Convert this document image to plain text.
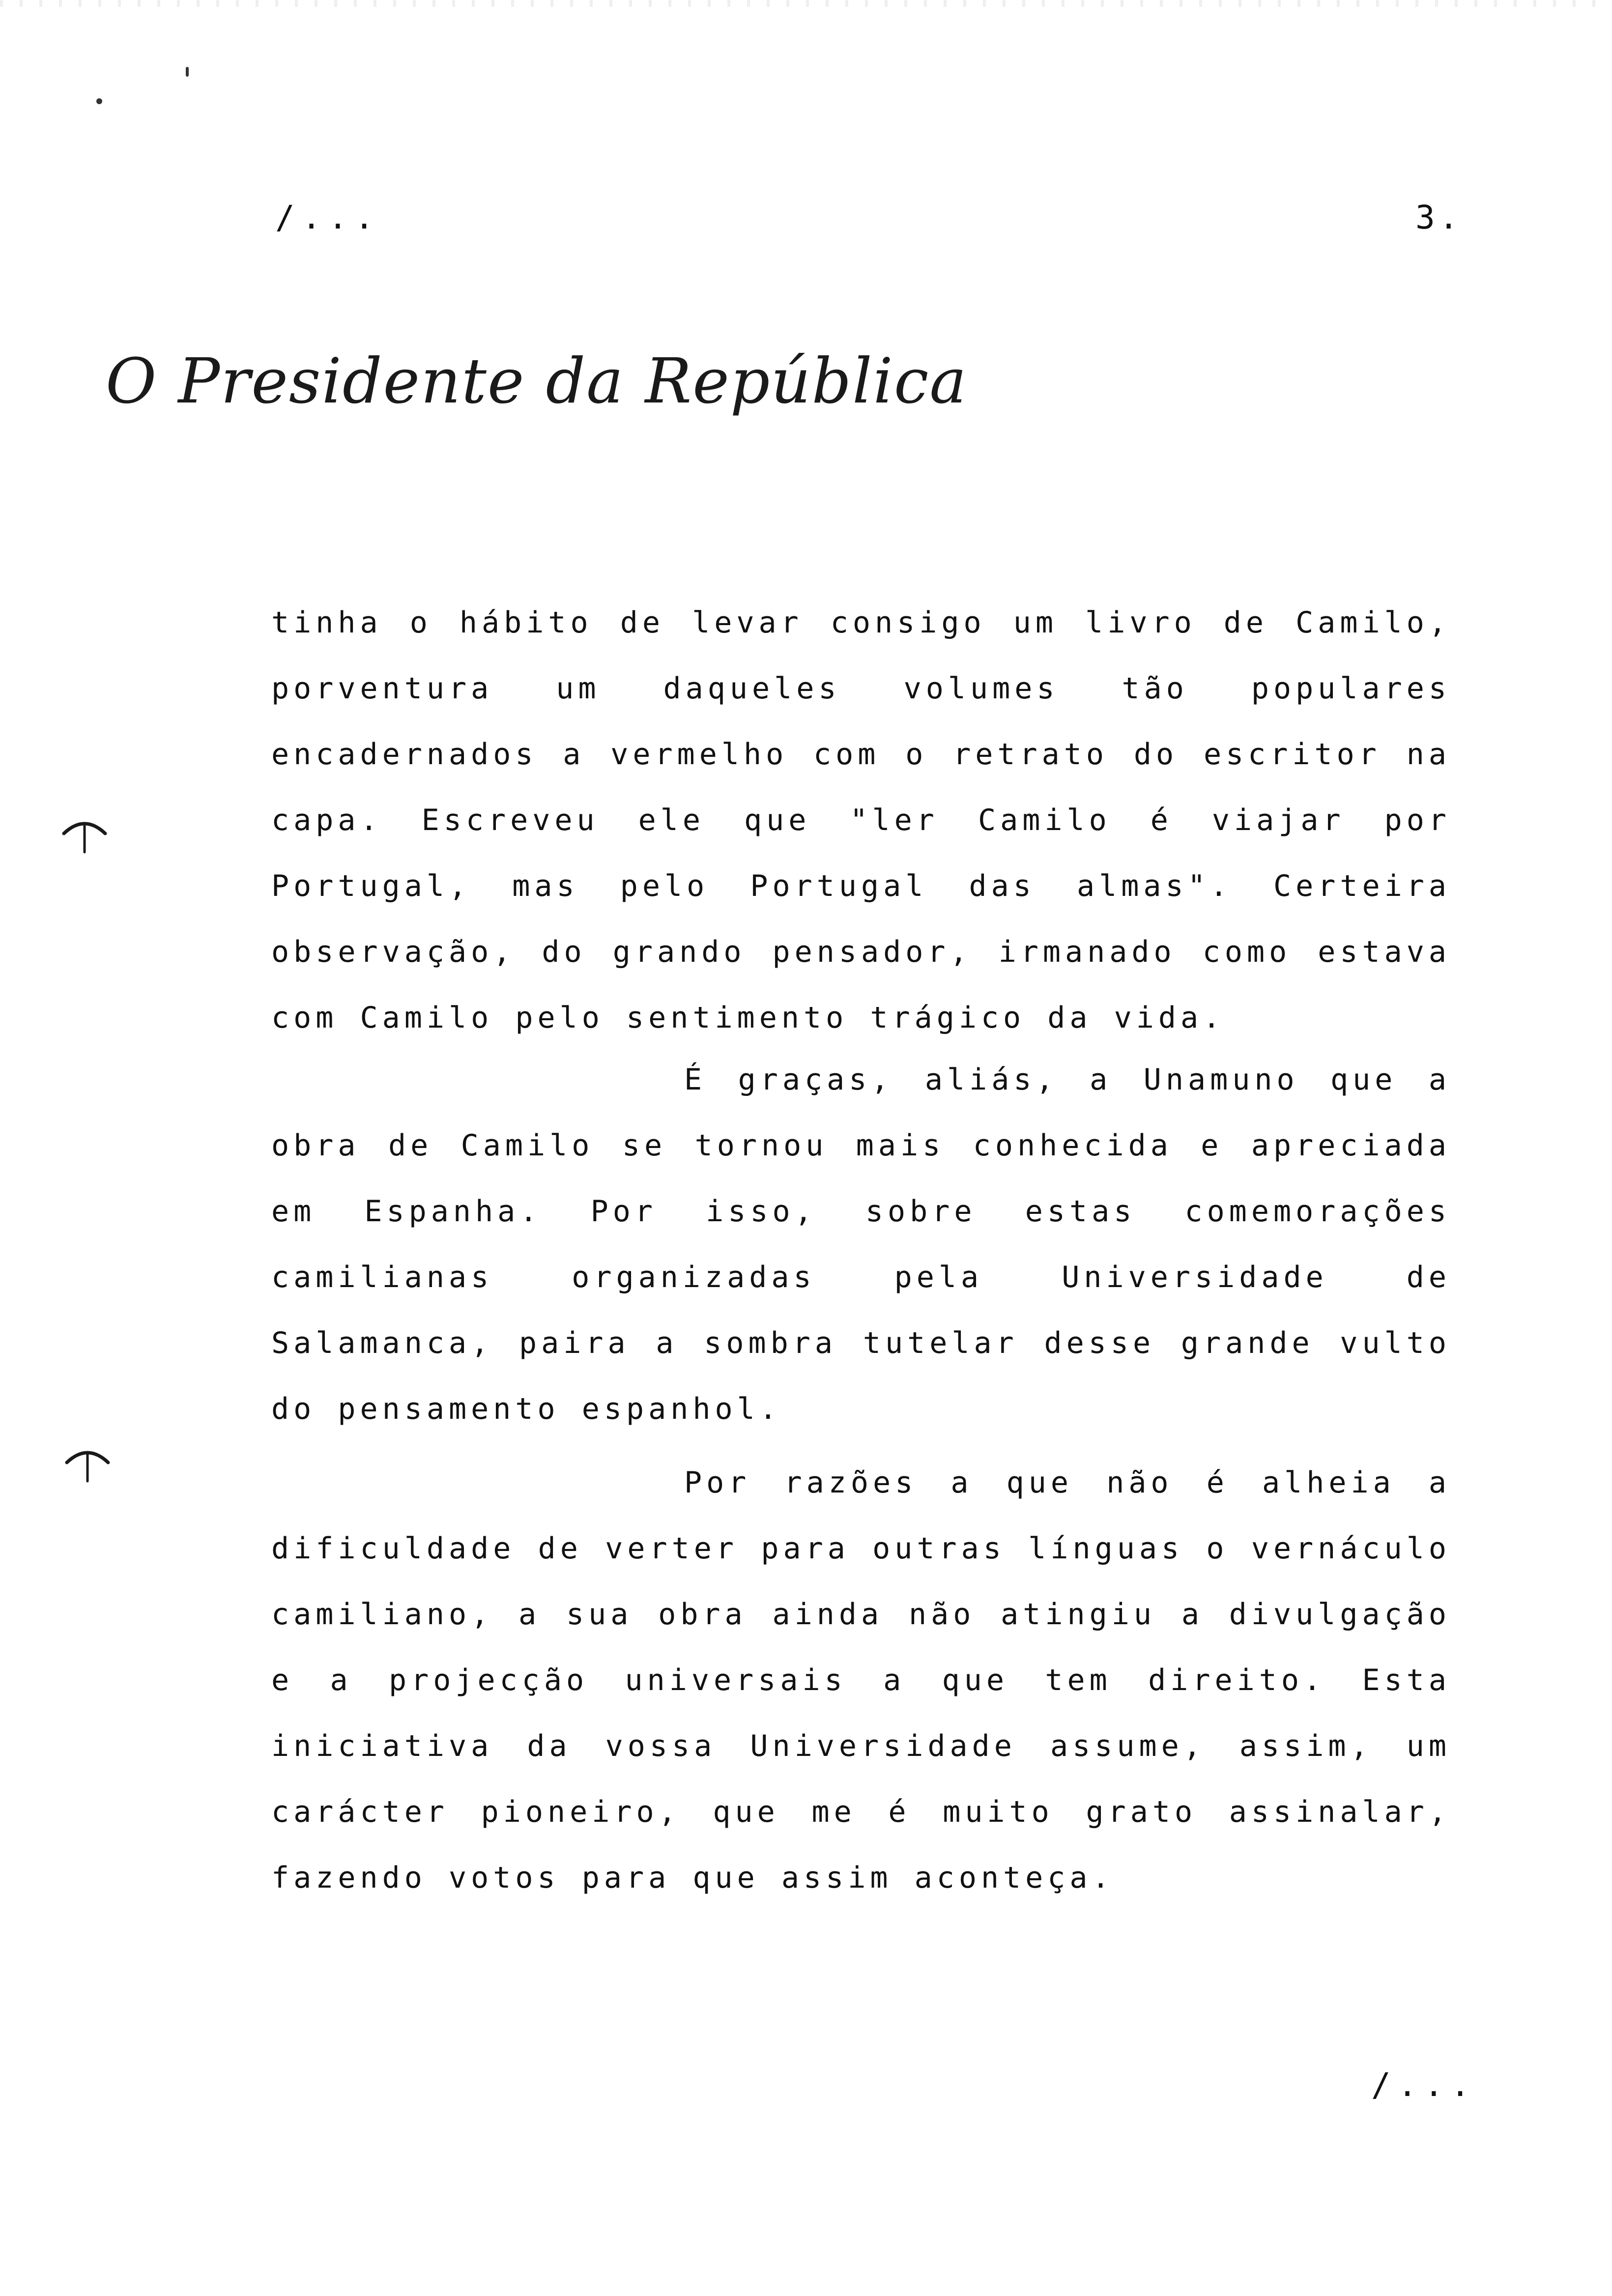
/...	3.
O Presidente da República

tinha o hábito de levar consigo um livro de Camilo, porventura um daqueles volumes tão populares encadernados a vermelho com o retrato do escritor na capa. Escreveu ele que "ler Camilo é viajar por Portugal, mas pelo Portugal das almas". Certeira observação, do grando pensador, irmanado como estava com Camilo pelo sentimento trágico da vida.

É graças, aliás, a Unamuno que a obra de Camilo se tornou mais conhecida e apreciada em Espanha. Por isso, sobre estas comemorações camilianas organizadas pela Universidade de Salamanca, paira a sombra tutelar desse grande vulto do pensamento espanhol.

Por razões a que não é alheia a dificuldade de verter para outras línguas o vernáculo camiliano, a sua obra ainda não atingiu a divulgação e a projecção universais a que tem direito. Esta iniciativa da vossa Universidade assume, assim, um carácter pioneiro, que me é muito grato assinalar, fazendo votos para que assim aconteça.

/...
